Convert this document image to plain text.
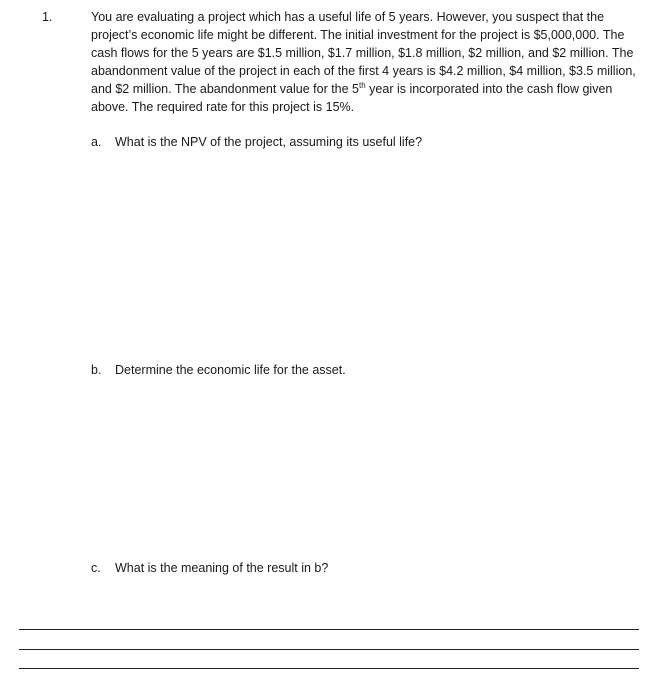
1.	You are evaluating a project which has a useful life of 5 years. However, you suspect that the project’s economic life might be different. The initial investment for the project is $5,000,000. The cash flows for the 5 years are $1.5 million, $1.7 million, $1.8 million, $2 million, and $2 million. The abandonment value of the project in each of the first 4 years is $4.2 million, $4 million, $3.5 million, and $2 million. The abandonment value for the 5th year is incorporated into the cash flow given above. The required rate for this project is 15%.

a. What is the NPV of the project, assuming its useful life?
b. Determine the economic life for the asset.
c. What is the meaning of the result in b?
